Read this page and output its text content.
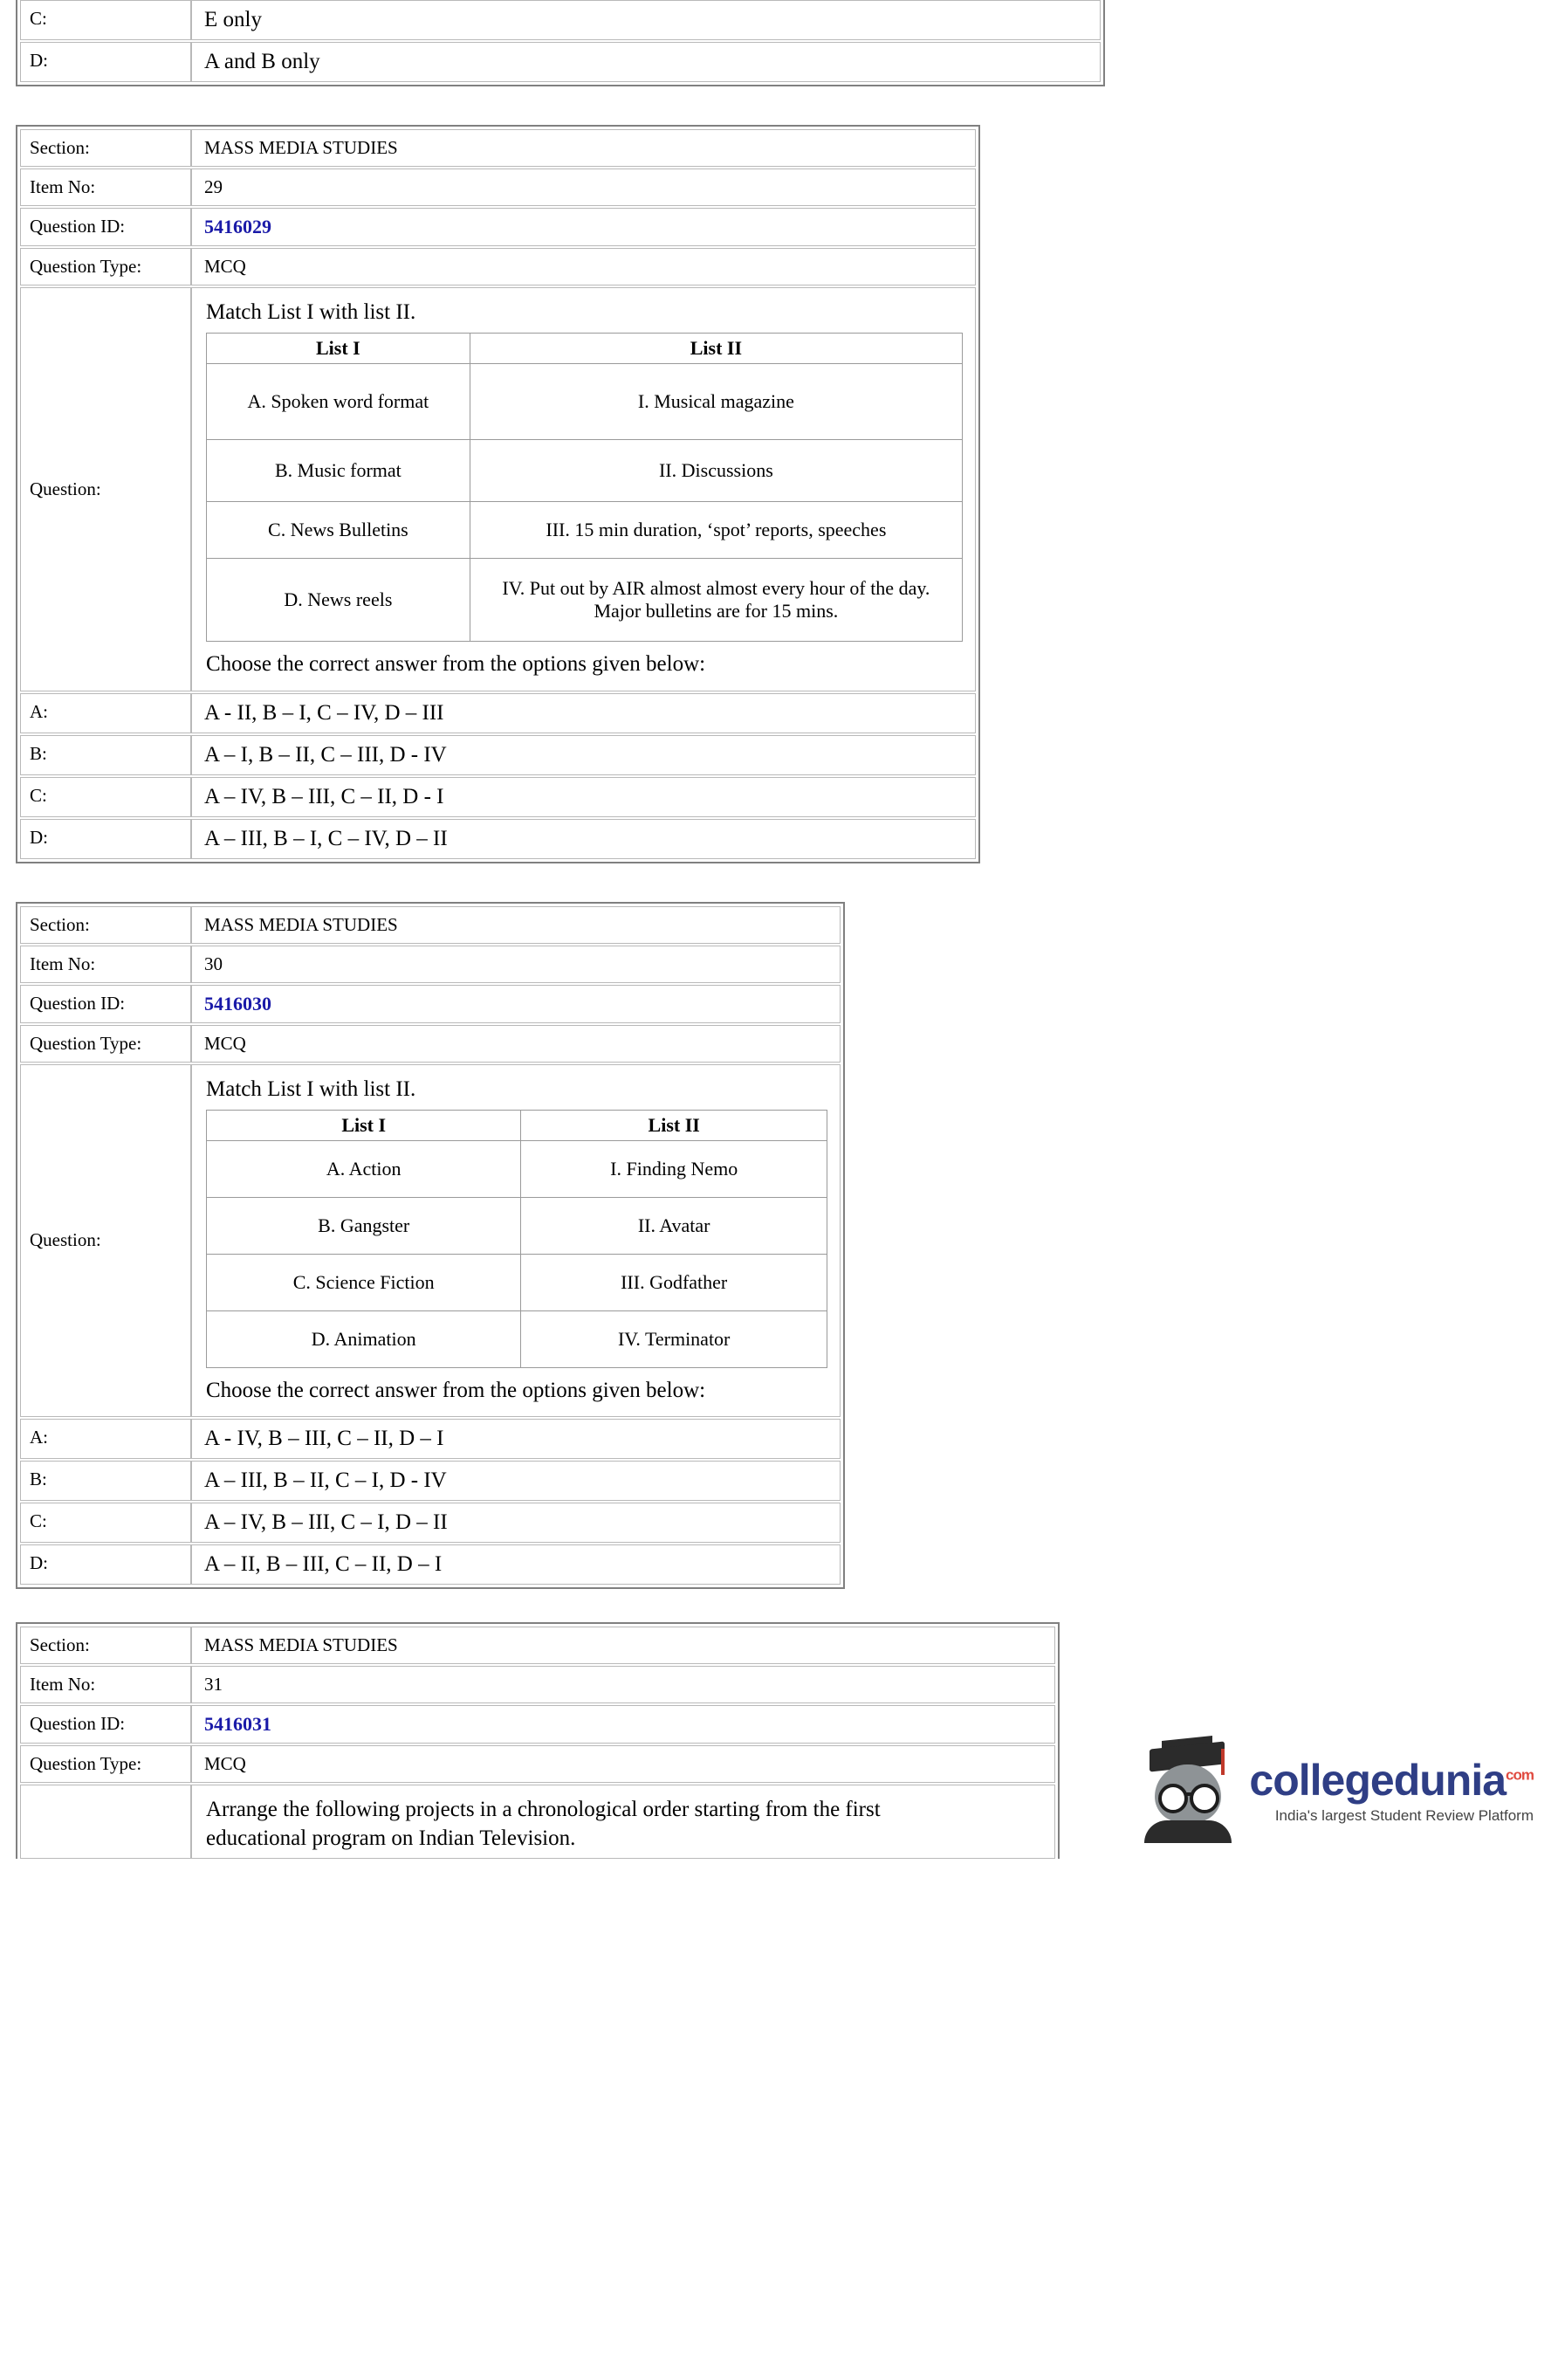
C:	E only
D:	A and B only
Section:	MASS MEDIA STUDIES
Item No:	29
Question ID:	5416029
Question Type:	MCQ
Question:
Match List I with list II.
List I	List II
A. Spoken word format	I. Musical magazine
B. Music format	II. Discussions
C. News Bulletins	III. 15 min duration, ‘spot’ reports, speeches
D. News reels	IV. Put out by AIR almost almost every hour of the day. Major bulletins are for 15 mins.
Choose the correct answer from the options given below:
A:	A - II, B – I, C – IV, D – III
B:	A – I, B – II, C – III, D - IV
C:	A – IV, B – III, C – II, D - I
D:	A – III, B – I, C – IV, D – II
Section:	MASS MEDIA STUDIES
Item No:	30
Question ID:	5416030
Question Type:	MCQ
Question:
Match List I with list II.
List I	List II
A. Action	I. Finding Nemo
B. Gangster	II. Avatar
C. Science Fiction	III. Godfather
D. Animation	IV. Terminator
Choose the correct answer from the options given below:
A:	A - IV, B – III, C – II, D – I
B:	A – III, B – II, C – I, D - IV
C:	A – IV, B – III, C – I, D – II
D:	A – II, B – III, C – II, D – I
Section:	MASS MEDIA STUDIES
Item No:	31
Question ID:	5416031
Question Type:	MCQ
Arrange the following projects in a chronological order starting from the first
educational program on Indian Television.
collegedunia$^{com}$
India's largest Student Review Platform
